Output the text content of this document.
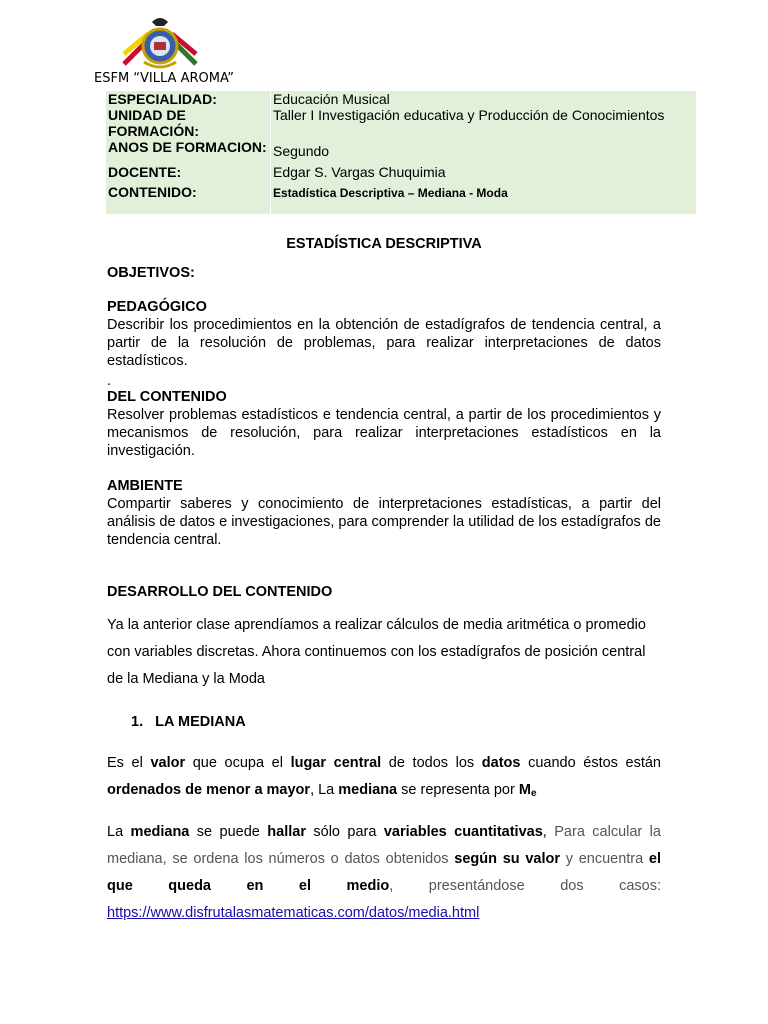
ESFM “VILLA AROMA”
ESPECIALIDAD:	Educación Musical
UNIDAD DE FORMACIÓN:	Taller I Investigación educativa y Producción de Conocimientos
ANOS DE FORMACION:	Segundo
DOCENTE:	Edgar S. Vargas Chuquimia
CONTENIDO:	Estadística Descriptiva – Mediana - Moda
ESTADÍSTICA DESCRIPTIVA
OBJETIVOS:
PEDAGÓGICO
Describir los procedimientos en la obtención de estadígrafos de tendencia central, a partir de la resolución de problemas, para realizar interpretaciones de datos estadísticos.
.
DEL CONTENIDO
Resolver problemas estadísticos e tendencia central, a partir de los procedimientos y mecanismos de resolución, para realizar interpretaciones estadísticos en la investigación.
AMBIENTE
Compartir saberes y conocimiento de interpretaciones estadísticas, a partir del análisis de datos e investigaciones, para comprender la utilidad de los estadígrafos de tendencia central.
DESARROLLO DEL CONTENIDO
Ya la anterior clase aprendíamos a realizar cálculos de media aritmética o promedio con variables discretas. Ahora continuemos con los estadígrafos de posición central de la Mediana y la Moda
1.   LA MEDIANA
Es el valor que ocupa el lugar central de todos los datos cuando éstos están ordenados de menor a mayor, La mediana se representa por $M_e$
La mediana se puede hallar sólo para variables cuantitativas, Para calcular la mediana, se ordena los números o datos obtenidos según su valor y encuentra el que queda en el medio, presentándose dos casos: https://www.disfrutalasmatematicas.com/datos/media.html
